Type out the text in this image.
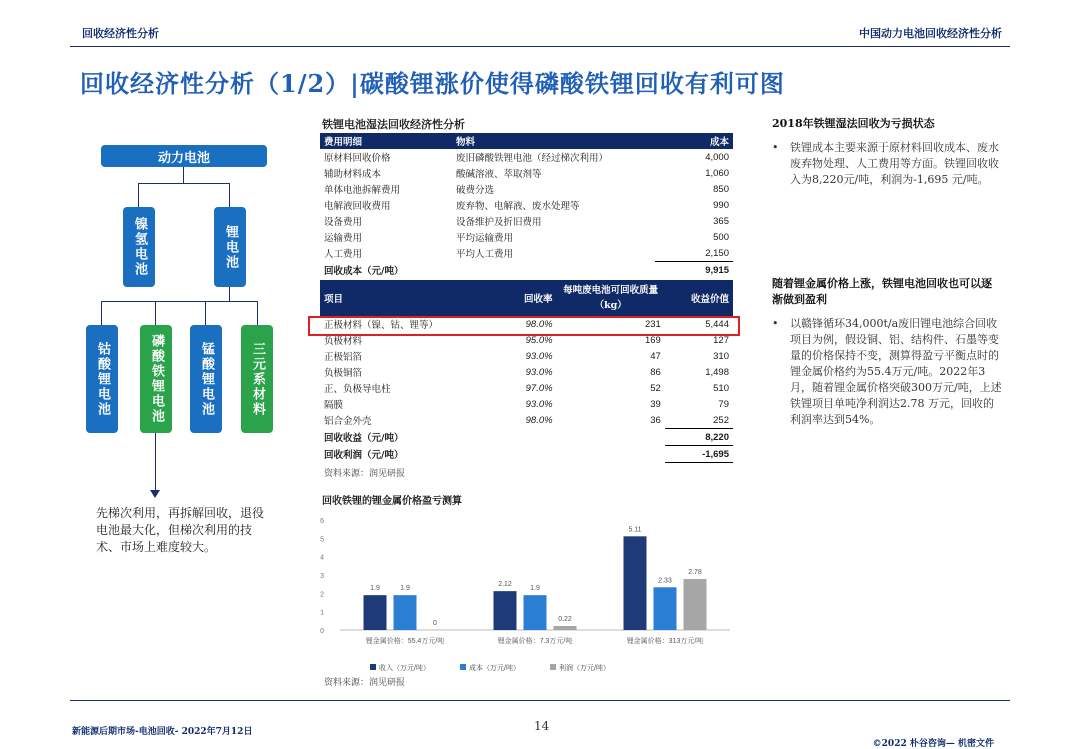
回收经济性分析	中国动力电池回收经济性分析
回收经济性分析（1/2）|碳酸锂涨价使得磷酸铁锂回收有利可图
动力电池
镍氢电池	锂电池
钴酸锂电池	磷酸铁锂电池	锰酸锂电池	三元系材料
先梯次利用，再拆解回收，退役电池最大化，但梯次利用的技术、市场上难度较大。
铁锂电池湿法回收经济性分析
费用明细	物料	成本
原材料回收价格	废旧磷酸铁锂电池（经过梯次利用）	4,000
辅助材料成本	酸碱溶液、萃取剂等	1,060
单体电池拆解费用	破费分选	850
电解液回收费用	废弃物、电解液、废水处理等	990
设备费用	设备维护及折旧费用	365
运输费用	平均运输费用	500
人工费用	平均人工费用	2,150
回收成本（元/吨）		9,915
项目	回收率	每吨废电池可回收质量（kg）	收益价值
正极材料（镍、钴、锂等）	98.0%	231	5,444
负极材料	95.0%	169	127
正极铝箔	93.0%	47	310
负极铜箔	93.0%	86	1,498
正、负极导电柱	97.0%	52	510
隔膜	93.0%	39	79
铝合金外壳	98.0%	36	252
回收收益（元/吨）			8,220
回收利润（元/吨）			-1,695
资料来源：润见研报
回收铁锂的锂金属价格盈亏测算
0
1
2
3
4
5
6
1.9	1.9
0
锂金属价格：55.4万元/吨
2.12
1.9
0.22
锂金属价格：7.3万元/吨
5.11
2.33
2.78
锂金属价格：313万元/吨
收入（万元/吨）	成本（万元/吨）	利润（万元/吨）
资料来源：润见研报
2018年铁锂湿法回收为亏损状态
•	铁锂成本主要来源于原材料回收成本、废水废弃物处理、人工费用等方面。铁锂回收收入为8,220元/吨，利润为-1,695 元/吨。
随着锂金属价格上涨，铁锂电池回收也可以逐渐做到盈利
•	以赣锋循环34,000t/a废旧锂电池综合回收项目为例，假设铜、铝、结构件、石墨等变量的价格保持不变，测算得盈亏平衡点时的锂金属价格约为55.4万元/吨。2022年3月，随着锂金属价格突破300万元/吨，上述铁锂项目单吨净利润达2.78 万元，回收的利润率达到54%。
新能源后期市场-电池回收- 2022年7月12日	14
©2022 朴谷咨询— 机密文件
